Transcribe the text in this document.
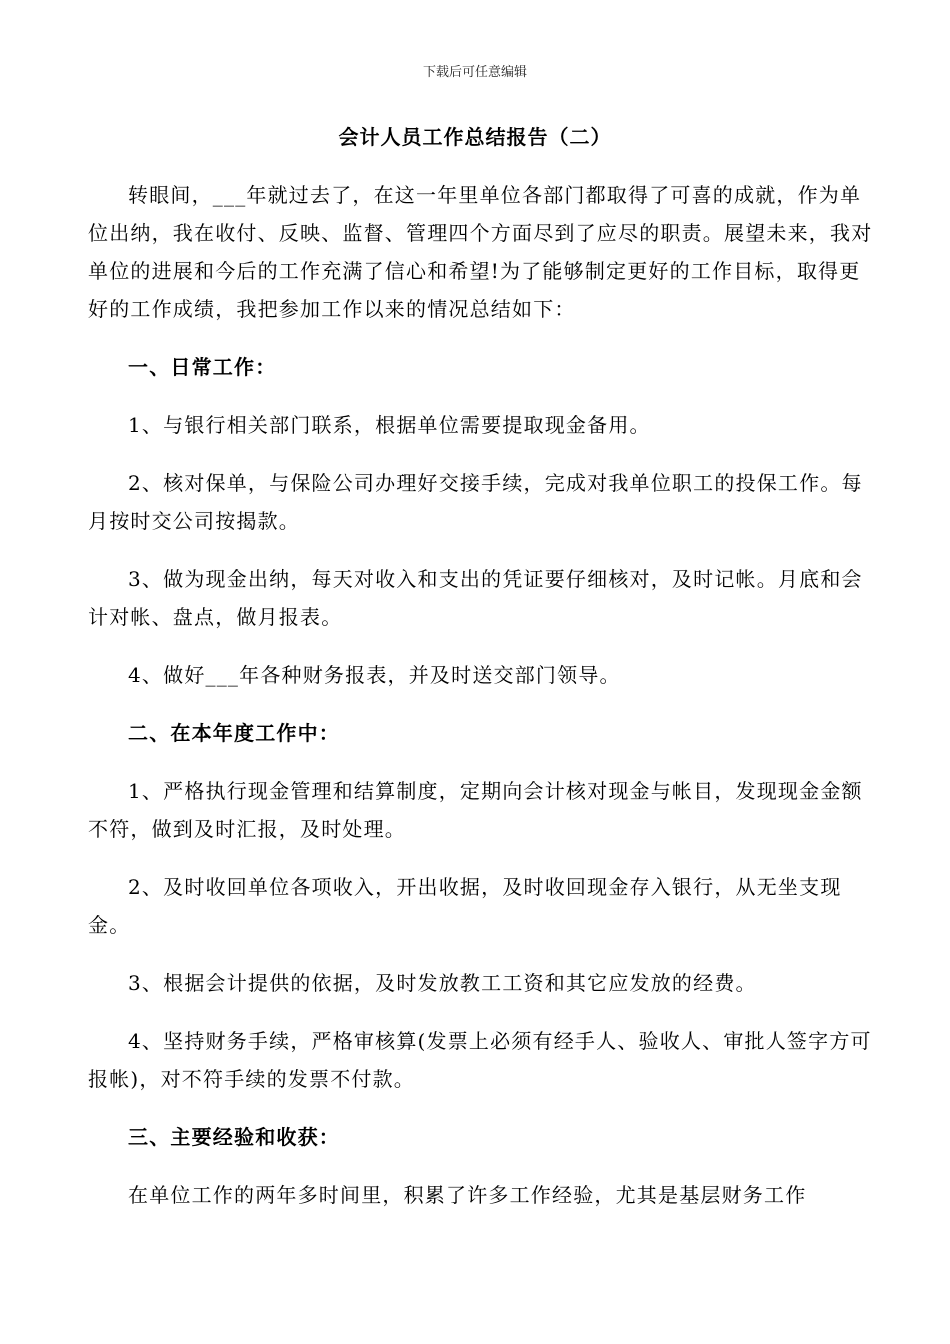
下载后可任意编辑
会计人员工作总结报告（二）

转眼间，___年就过去了，在这一年里单位各部门都取得了可喜的成就，作为单位出纳，我在收付、反映、监督、管理四个方面尽到了应尽的职责。展望未来，我对单位的进展和今后的工作充满了信心和希望!为了能够制定更好的工作目标，取得更好的工作成绩，我把参加工作以来的情况总结如下：

一、日常工作：

1、与银行相关部门联系，根据单位需要提取现金备用。

2、核对保单，与保险公司办理好交接手续，完成对我单位职工的投保工作。每月按时交公司按揭款。

3、做为现金出纳，每天对收入和支出的凭证要仔细核对，及时记帐。月底和会计对帐、盘点，做月报表。

4、做好___年各种财务报表，并及时送交部门领导。

二、在本年度工作中：

1、严格执行现金管理和结算制度，定期向会计核对现金与帐目，发现现金金额不符，做到及时汇报，及时处理。

2、及时收回单位各项收入，开出收据，及时收回现金存入银行，从无坐支现金。

3、根据会计提供的依据，及时发放教工工资和其它应发放的经费。

4、坚持财务手续，严格审核算(发票上必须有经手人、验收人、审批人签字方可报帐)，对不符手续的发票不付款。

三、主要经验和收获：

在单位工作的两年多时间里，积累了许多工作经验，尤其是基层财务工作
